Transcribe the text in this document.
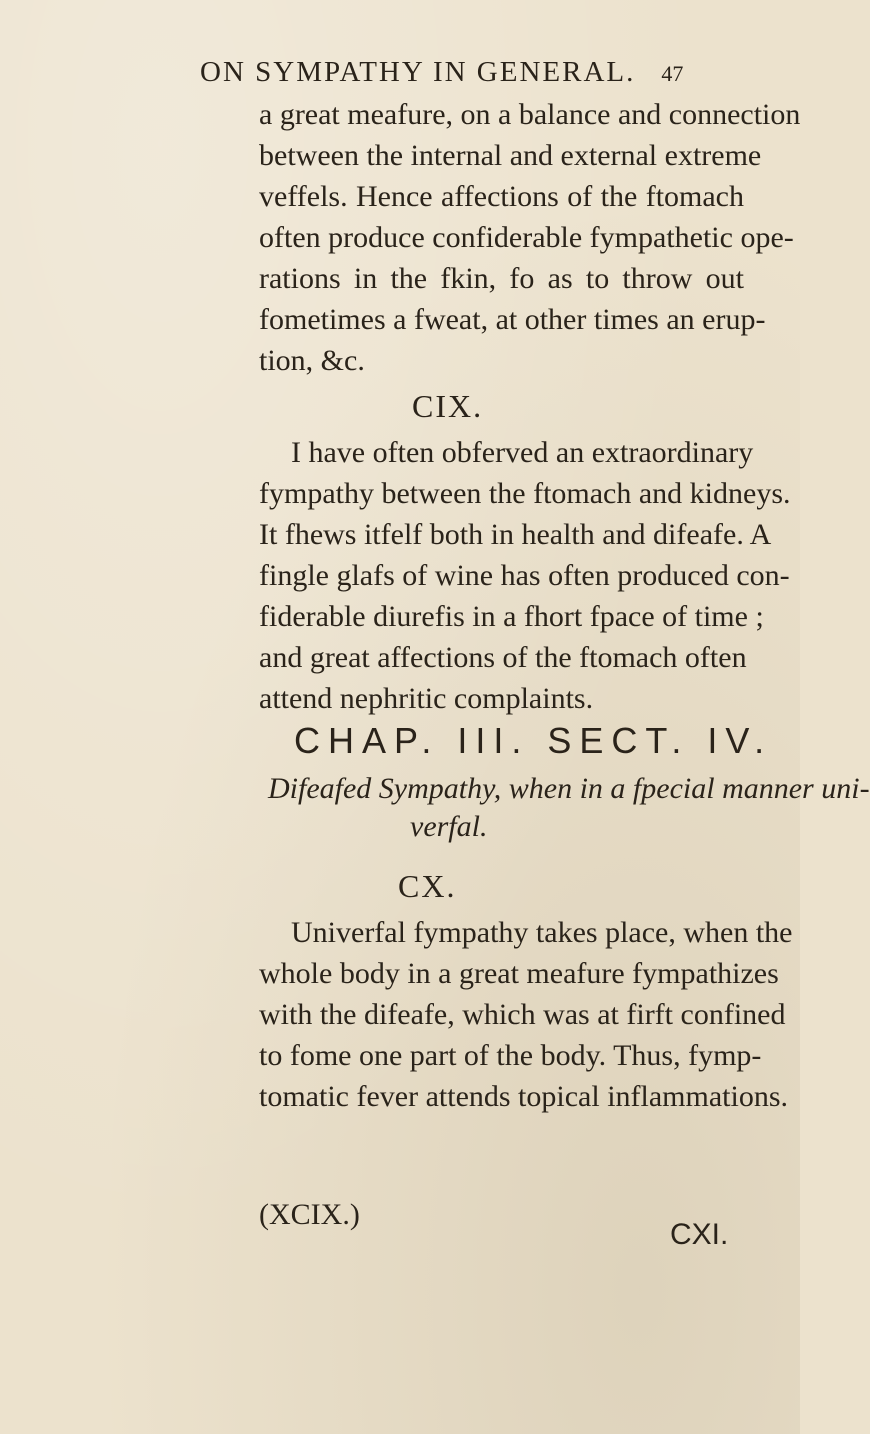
ON SYMPATHY IN GENERAL. 47
a great meafure, on a balance and connection
between the internal and external extreme
veffels. Hence affections of the ftomach
often produce confiderable fympathetic ope-
rations in the fkin, fo as to throw out
fometimes a fweat, at other times an erup-
tion, &c.
CIX.
I have often obferved an extraordinary
fympathy between the ftomach and kidneys.
It fhews itfelf both in health and difeafe. A
fingle glafs of wine has often produced con-
fiderable diurefis in a fhort fpace of time ;
and great affections of the ftomach often
attend nephritic complaints.
CHAP. III. SECT. IV.
Difeafed Sympathy, when in a fpecial manner uni-
verfal.
CX.
Univerfal fympathy takes place, when the
whole body in a great meafure fympathizes
with the difeafe, which was at firft confined
to fome one part of the body. Thus, fymp-
tomatic fever attends topical inflammations.
(XCIX.)
CXI.
